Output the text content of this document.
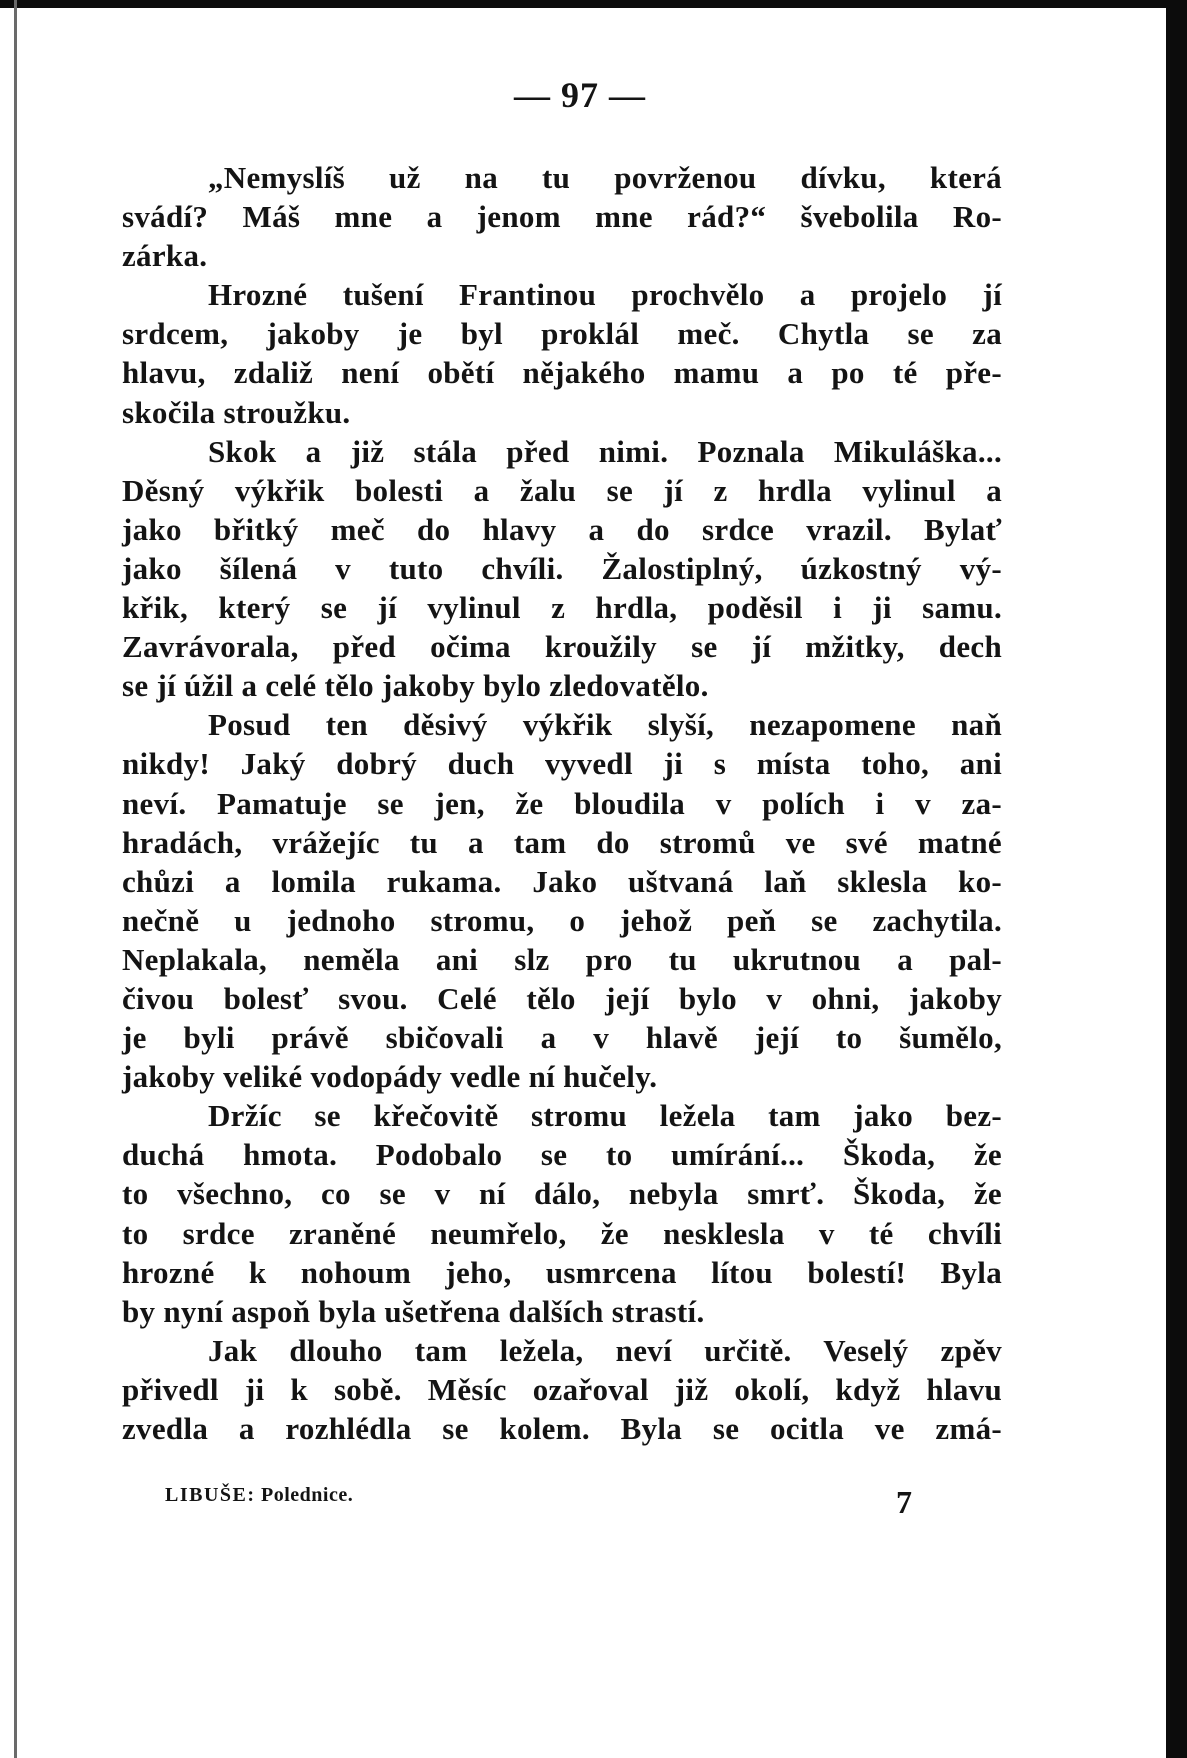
— 97 —
„Nemyslíš už na tu povrženou dívku, která
svádí? Máš mne a jenom mne rád?“ švebolila Ro-
zárka.
Hrozné tušení Frantinou prochvělo a projelo jí
srdcem, jakoby je byl proklál meč. Chytla se za
hlavu, zdaliž není obětí nějakého mamu a po té pře-
skočila stroužku.
Skok a již stála před nimi. Poznala Mikuláška...
Děsný výkřik bolesti a žalu se jí z hrdla vylinul a
jako břitký meč do hlavy a do srdce vrazil. Bylať
jako šílená v tuto chvíli. Žalostiplný, úzkostný vý-
křik, který se jí vylinul z hrdla, poděsil i ji samu.
Zavrávorala, před očima kroužily se jí mžitky, dech
se jí úžil a celé tělo jakoby bylo zledovatělo.
Posud ten děsivý výkřik slyší, nezapomene naň
nikdy! Jaký dobrý duch vyvedl ji s místa toho, ani
neví. Pamatuje se jen, že bloudila v polích i v za-
hradách, vrážejíc tu a tam do stromů ve své matné
chůzi a lomila rukama. Jako uštvaná laň sklesla ko-
nečně u jednoho stromu, o jehož peň se zachytila.
Neplakala, neměla ani slz pro tu ukrutnou a pal-
čivou bolesť svou. Celé tělo její bylo v ohni, jakoby
je byli právě sbičovali a v hlavě její to šumělo,
jakoby veliké vodopády vedle ní hučely.
Držíc se křečovitě stromu ležela tam jako bez-
duchá hmota. Podobalo se to umírání... Škoda, že
to všechno, co se v ní dálo, nebyla smrť. Škoda, že
to srdce zraněné neumřelo, že nesklesla v té chvíli
hrozné k nohoum jeho, usmrcena lítou bolestí! Byla
by nyní aspoň byla ušetřena dalších strastí.
Jak dlouho tam ležela, neví určitě. Veselý zpěv
přivedl ji k sobě. Měsíc ozařoval již okolí, když hlavu
zvedla a rozhlédla se kolem. Byla se ocitla ve zmá-
LIBUŠE: Polednice.	7
